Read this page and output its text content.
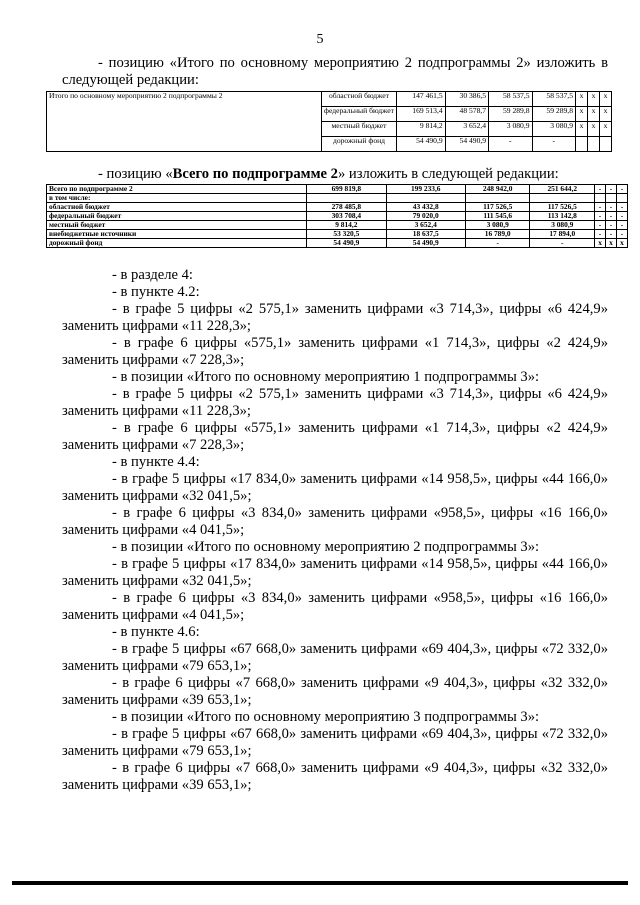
5
- позицию «Итого по основному мероприятию 2 подпрограммы 2» изложить в
следующей редакции:
Итого по основному мероприятию 2 подпрограммы 2	областной бюджет	147 461,5	30 386,5	58 537,5	58 537,5	х	х	х
	федеральный бюджет	169 513,4	48 578,7	59 289,8	59 289,8	х	х	х
	местный бюджет	9 814,2	3 652,4	3 080,9	3 080,9	х	х	х
	дорожный фонд	54 490,9	54 490,9	-	-			
- позицию «Всего по подпрограмме 2» изложить в следующей редакции:
Всего по подпрограмме 2	699 819,8	199 233,6	248 942,0	251 644,2	-	-	-
в том числе:							
областной бюджет	278 485,8	43 432,8	117 526,5	117 526,5	-	-	-
федеральный бюджет	303 708,4	79 020,0	111 545,6	113 142,8	-	-	-
местный бюджет	9 814,2	3 652,4	3 080,9	3 080,9	-	-	-
внебюджетные источники	53 320,5	18 637,5	16 789,0	17 894,0	-	-	-
дорожный фонд	54 490,9	54 490,9	-	-	х	х	х
- в разделе 4:
- в пункте 4.2:
- в графе 5 цифры «2 575,1» заменить цифрами «3 714,3», цифры «6 424,9»
заменить цифрами «11 228,3»;
- в графе 6 цифры «575,1» заменить цифрами «1 714,3», цифры «2 424,9»
заменить цифрами «7 228,3»;
- в позиции «Итого по основному мероприятию 1 подпрограммы 3»:
- в графе 5 цифры «2 575,1» заменить цифрами «3 714,3», цифры «6 424,9»
заменить цифрами «11 228,3»;
- в графе 6 цифры «575,1» заменить цифрами «1 714,3», цифры «2 424,9»
заменить цифрами «7 228,3»;
- в пункте 4.4:
- в графе 5 цифры «17 834,0» заменить цифрами «14 958,5», цифры «44 166,0»
заменить цифрами «32 041,5»;
- в графе 6 цифры «3 834,0» заменить цифрами «958,5», цифры «16 166,0»
заменить цифрами «4 041,5»;
- в позиции «Итого по основному мероприятию 2 подпрограммы 3»:
- в графе 5 цифры «17 834,0» заменить цифрами «14 958,5», цифры «44 166,0»
заменить цифрами «32 041,5»;
- в графе 6 цифры «3 834,0» заменить цифрами «958,5», цифры «16 166,0»
заменить цифрами «4 041,5»;
- в пункте 4.6:
- в графе 5 цифры «67 668,0» заменить цифрами «69 404,3», цифры «72 332,0»
заменить цифрами «79 653,1»;
- в графе 6 цифры «7 668,0» заменить цифрами «9 404,3», цифры «32 332,0»
заменить цифрами «39 653,1»;
- в позиции «Итого по основному мероприятию 3 подпрограммы 3»:
- в графе 5 цифры «67 668,0» заменить цифрами «69 404,3», цифры «72 332,0»
заменить цифрами «79 653,1»;
- в графе 6 цифры «7 668,0» заменить цифрами «9 404,3», цифры «32 332,0»
заменить цифрами «39 653,1»;
